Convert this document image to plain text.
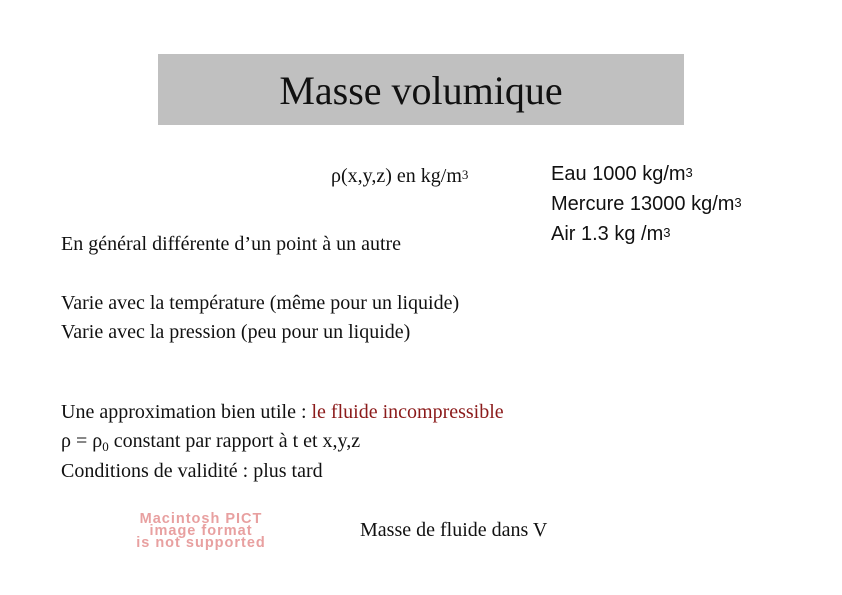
Masse volumique
ρ(x,y,z) en $kg/m^3$
En général différente d’un point à un autre
Eau 1000 $kg/m^3$
Mercure 13000 $kg/m^3$
Air 1.3 kg $/m^3$
Varie avec la température (même pour un liquide)
Varie avec la pression (peu pour un liquide)
Une approximation bien utile : le fluide incompressible
$\rho = \rho_0$ constant par rapport à t et x,y,z
Conditions de validité : plus tard
Macintosh PICT
image format
is not supported
Masse de fluide dans V
